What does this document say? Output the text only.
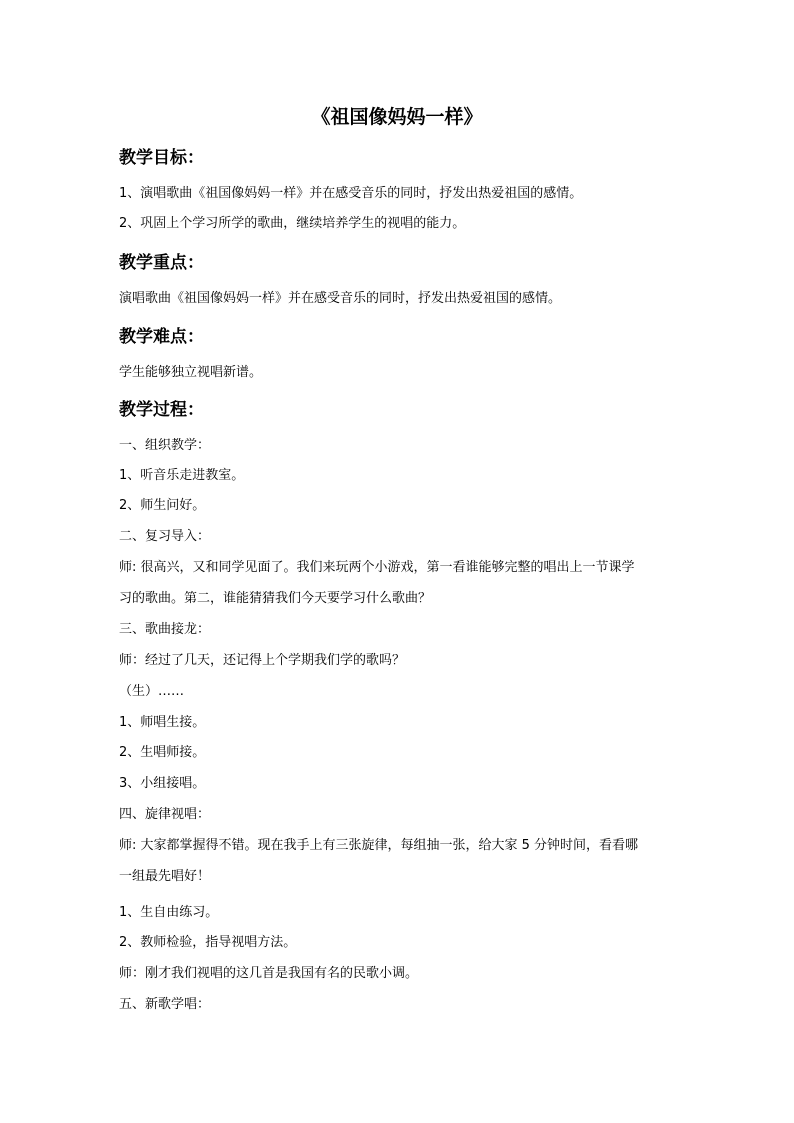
《祖国像妈妈一样》
教学目标：
1、演唱歌曲《祖国像妈妈一样》并在感受音乐的同时，抒发出热爱祖国的感情。
2、巩固上个学习所学的歌曲，继续培养学生的视唱的能力。
教学重点：
演唱歌曲《祖国像妈妈一样》并在感受音乐的同时，抒发出热爱祖国的感情。
教学难点：
学生能够独立视唱新谱。
教学过程：
一、组织教学：
1、听音乐走进教室。
2、师生问好。
二、复习导入：
师: 很高兴，又和同学见面了。我们来玩两个小游戏，第一看谁能够完整的唱出上一节课学
习的歌曲。第二，谁能猜猜我们今天要学习什么歌曲？
三、歌曲接龙：
师：经过了几天，还记得上个学期我们学的歌吗？
（生）……
1、师唱生接。
2、生唱师接。
3、小组接唱。
四、旋律视唱：
师: 大家都掌握得不错。现在我手上有三张旋律，每组抽一张，给大家 5 分钟时间，看看哪
一组最先唱好！
1、生自由练习。
2、教师检验，指导视唱方法。
师：刚才我们视唱的这几首是我国有名的民歌小调。
五、新歌学唱：
